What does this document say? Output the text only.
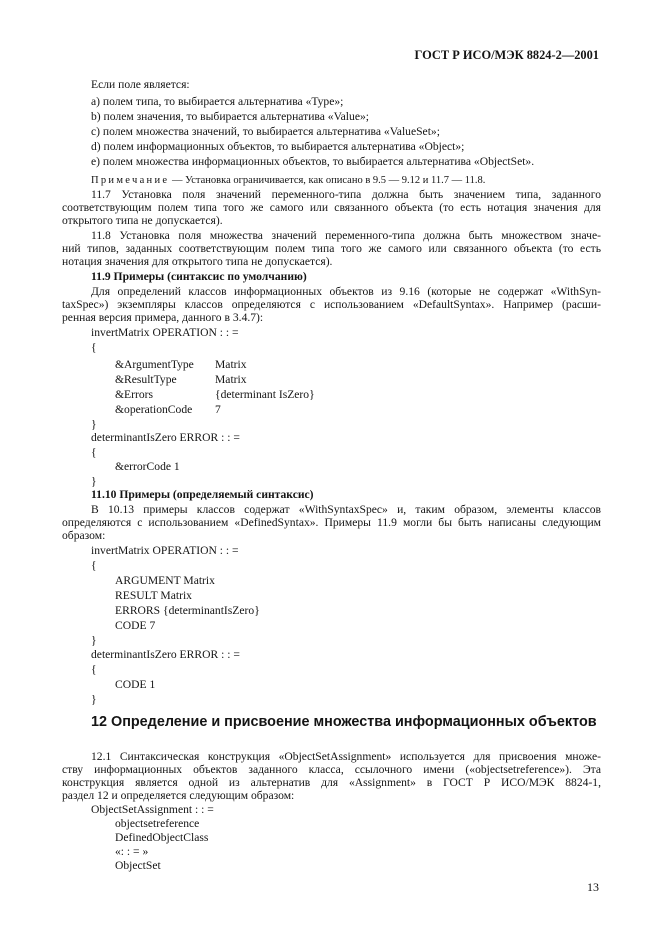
ГОСТ Р ИСО/МЭК 8824-2—2001
Если поле является:
a) полем типа, то выбирается альтернатива «Type»;
b) полем значения, то выбирается альтернатива «Value»;
c) полем множества значений, то выбирается альтернатива «ValueSet»;
d) полем информационных объектов, то выбирается альтернатива «Object»;
e) полем множества информационных объектов, то выбирается альтернатива «ObjectSet».
Примечание — Установка ограничивается, как описано в 9.5 — 9.12 и 11.7 — 11.8.
11.7 Установка поля значений переменного-типа должна быть значением типа, заданного
соответствующим полем типа того же самого или связанного объекта (то есть нотация значения для
открытого типа не допускается).
11.8 Установка поля множества значений переменного-типа должна быть множеством значе-
ний типов, заданных соответствующим полем типа того же самого или связанного объекта (то есть
нотация значения для открытого типа не допускается).
11.9 Примеры (синтаксис по умолчанию)
Для определений классов информационных объектов из 9.16 (которые не содержат «WithSyn-
taxSpec») экземпляры классов определяются с использованием «DefaultSyntax». Например (расши-
ренная версия примера, данного в 3.4.7):
invertMatrix OPERATION : : =
{
&ArgumentType Matrix
&ResultType	Matrix
&Errors	{determinant IsZero}
&operationCode 7
}
determinantIsZero ERROR : : =
{
&errorCode 1
}
11.10 Примеры (определяемый синтаксис)
В 10.13 примеры классов содержат «WithSyntaxSpec» и, таким образом, элементы классов
определяются с использованием «DefinedSyntax». Примеры 11.9 могли бы быть написаны следующим
образом:
invertMatrix OPERATION : : =
{
ARGUMENT Matrix
RESULT Matrix
ERRORS {determinantIsZero}
CODE 7
}
determinantIsZero ERROR : : =
{
CODE 1
}
12 Определение и присвоение множества информационных объектов
12.1 Синтаксическая конструкция «ObjectSetAssignment» используется для присвоения множе-
ству информационных объектов заданного класса, ссылочного имени («objectsetreference»). Эта
конструкция является одной из альтернатив для «Assignment» в ГОСТ Р ИСО/МЭК 8824-1,
раздел 12 и определяется следующим образом:
ObjectSetAssignment : : =
objectsetreference
DefinedObjectClass
«: : = »
ObjectSet
13
